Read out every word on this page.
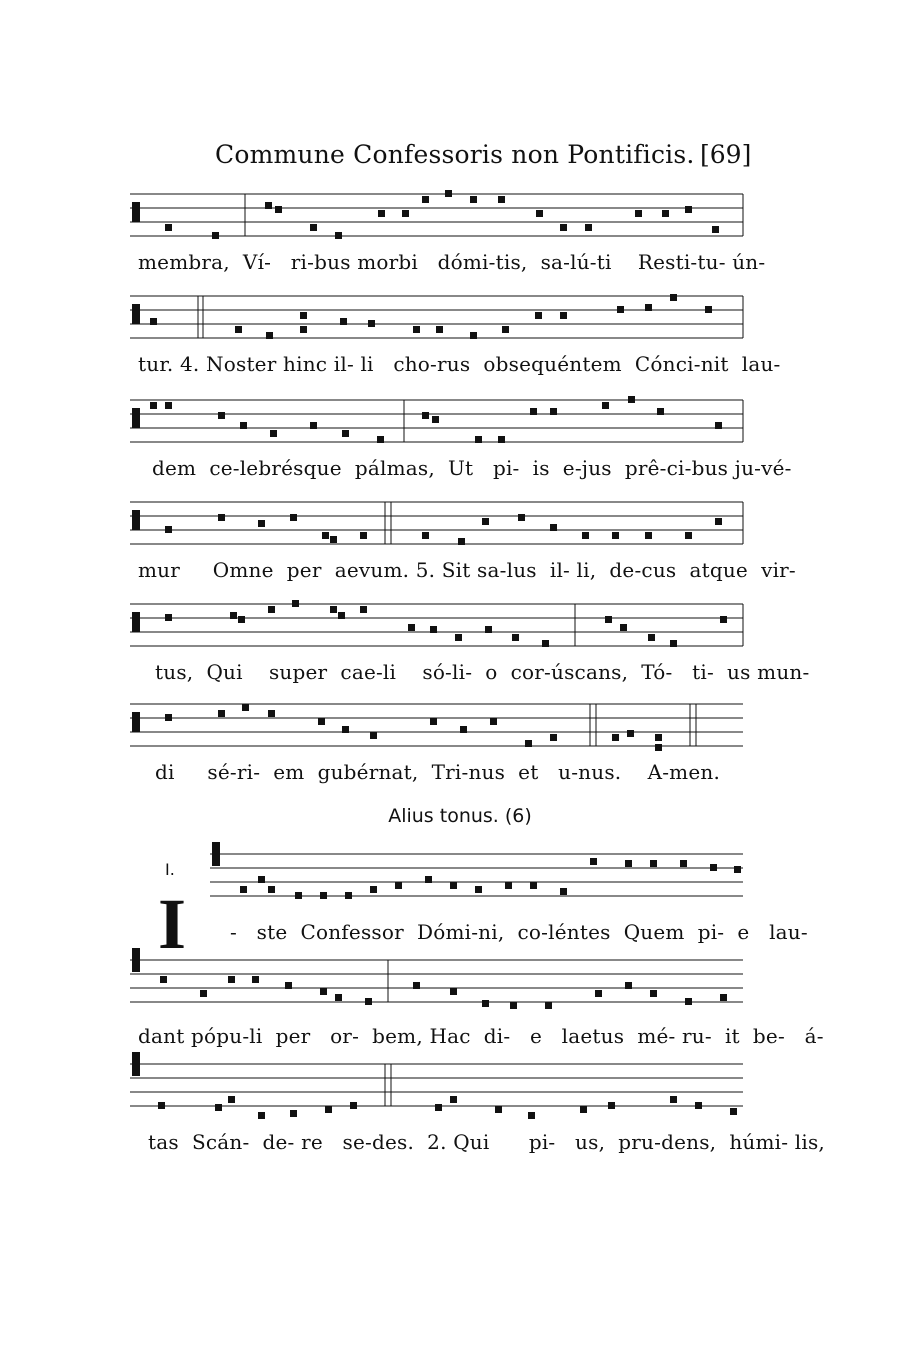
Commune Confessoris non Pontificis. [69]
membra,  Ví-   ri-bus morbi   dómi-tis,  sa-lú-ti    Resti-tu- ún-
tur. 4. Noster hinc il- li   cho-rus  obsequéntem  Cónci-nit  lau-
dem  ce-lebrésque  pálmas,  Ut   pi-  is  e-jus  prê-ci-bus ju-vé-
mur     Omne  per  aevum. 5. Sit sa-lus  il- li,  de-cus  atque  vir-
tus,  Qui    super  cae-li    só-li-  o  cor-úscans,  Tó-   ti-  us mun-
di     sé-ri-  em  gubérnat,  Tri-nus  et   u-nus.    A-men.
Alius tonus. (6)
I.
I -   ste  Confessor  Dómi-ni,  co-léntes  Quem  pi-  e   lau-
dant pópu-li  per   or-  bem, Hac  di-   e   laetus  mé- ru-  it  be-   á-
tas  Scán-  de- re   se-des.  2. Qui      pi-   us,  pru-dens,  húmi- lis,
